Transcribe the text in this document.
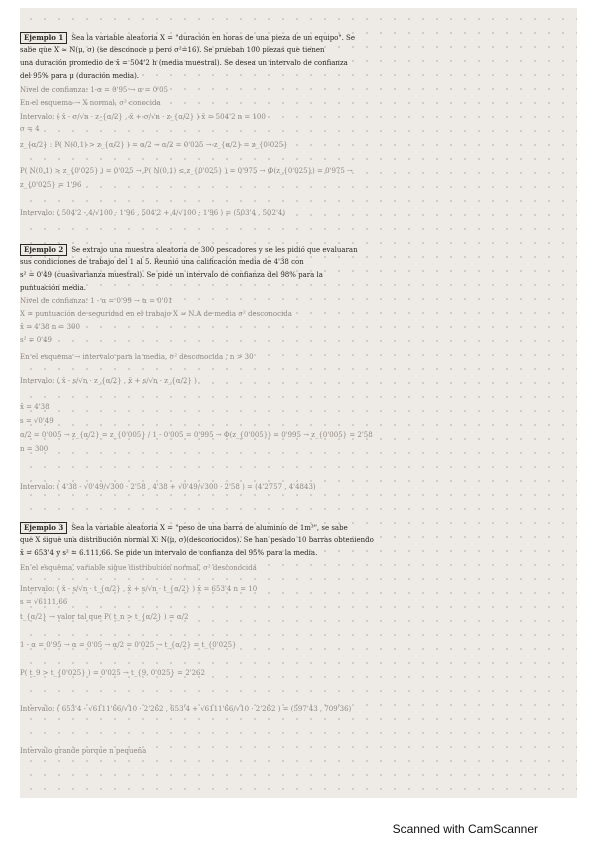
Ejemplo 1 Sea la variable aleatoria X = "duración en horas de una pieza de un equipo". Se
sabe que X ≈ N(μ, σ) (se desconoce μ pero σ²=16). Se prueban 100 piezas que tienen
una duración promedio de x̄ = 504'2 h (media muestral). Se desea un intervalo de confianza
del 95% para μ (duración media).
Nivel de confianza: 1-α = 0'95 → α = 0'05
En el esquema → X normal, σ² conocida
Intervalo: ( x̄ - σ/√n · z_{α/2} , x̄ + σ/√n · z_{α/2} ) x̄ = 504'2 n = 100
σ = 4
z_{α/2} : P( N(0,1) > z_{α/2} ) = α/2 → α/2 = 0'025 → z_{α/2} = z_{0'025}
P( N(0,1) > z_{0'025} ) = 0'025 → P( N(0,1) ≤ z_{0'025} ) = 0'975 → Φ(z_{0'025}) = 0'975 →
z_{0'025} = 1'96
Intervalo: ( 504'2 - 4/√100 · 1'96 , 504'2 + 4/√100 · 1'96 ) = (503'4 , 502'4)
Ejemplo 2 Se extrajo una muestra aleatoria de 300 pescadores y se les pidió que evaluaran
sus condiciones de trabajo del 1 al 5. Reunió una calificación media de 4'38 con
s² = 0'49 (cuasivarianza muestral). Se pide un intervalo de confianza del 98% para la
puntuación media.
Nivel de confianza: 1 - α = 0'99 → α = 0'01
X = puntuación de seguridad en el trabajo X ≈ N.A de media σ² desconocida
x̄ = 4'38 n = 300
s² = 0'49
En el esquema → intervalo para la media, σ² desconocida , n > 30
Intervalo: ( x̄ - s/√n · z_{α/2} , x̄ + s/√n · z_{α/2} )
x̄ = 4'38
s = √0'49
α/2 = 0'005 → z_{α/2} = z_{0'005} / 1 - 0'005 = 0'995 → Φ(z_{0'005}) = 0'995 → z_{0'005} = 2'58
n = 300
Intervalo: ( 4'38 - √0'49/√300 · 2'58 , 4'38 + √0'49/√300 · 2'58 ) = (4'2757 , 4'4843)
Ejemplo 3 Sea la variable aleatoria X = "peso de una barra de aluminio de 1m³", se sabe
que X sigue una distribución normal X: N(μ, σ)(desconocidos). Se han pesado 10 barras obteniendo
x̄ = 653'4 y s² = 6.111,66. Se pide un intervalo de confianza del 95% para la media.
En el esquema, variable sigue distribución normal, σ² desconocida
Intervalo: ( x̄ - s/√n · t_{α/2} , x̄ + s/√n · t_{α/2} ) x̄ = 653'4 n = 10
s = √6111,66
t_{α/2} → valor tal que P( t_n > t_{α/2} ) = α/2
1 - α = 0'95 → α = 0'05 → α/2 = 0'025 → t_{α/2} = t_{0'025}
P( t_9 > t_{0'025} ) = 0'025 → t_{9, 0'025} = 2'262
Intervalo: ( 653'4 - √6111'66/√10 · 2'262 , 653'4 + √6111'66/√10 · 2'262 ) = (597'43 , 709'36)
Intervalo grande porque n pequeña
Scanned with CamScanner
